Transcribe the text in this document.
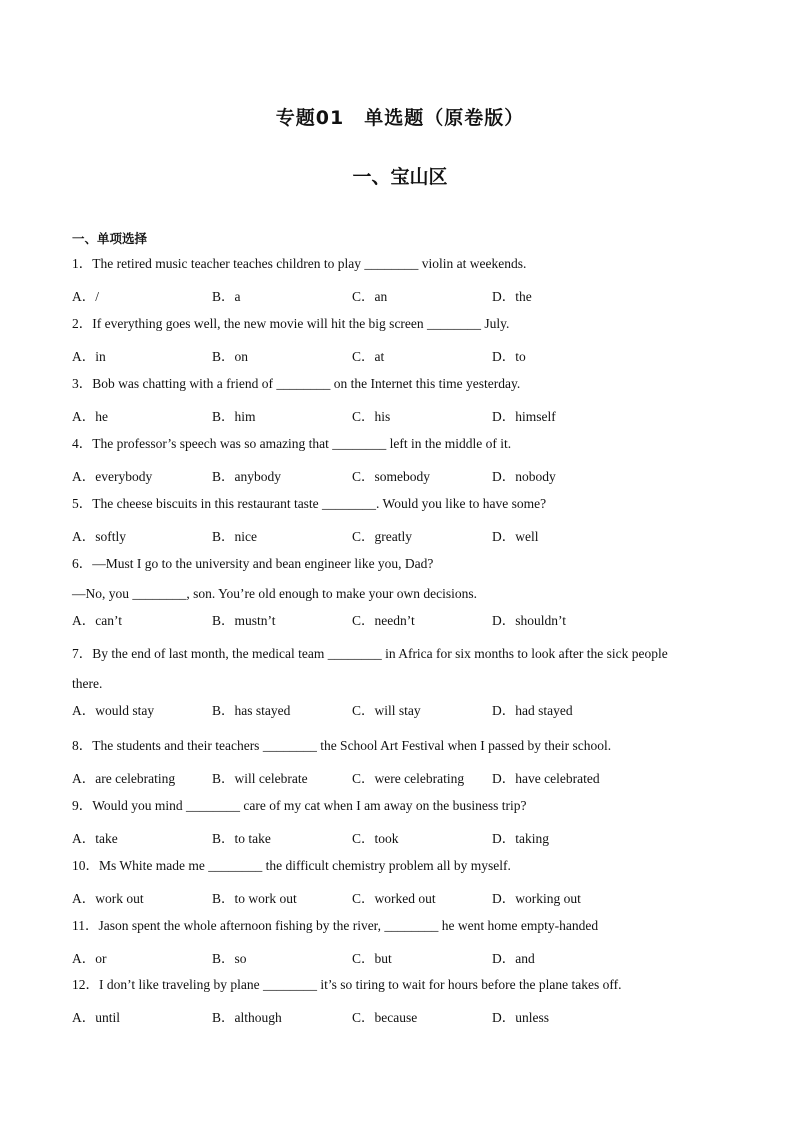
专题01　单选题（原卷版）
一、宝山区
一、单项选择
1．The retired music teacher teaches children to play ________ violin at weekends.
A．/	B．a	C．an	D．the
2．If everything goes well, the new movie will hit the big screen ________ July.
A．in	B．on	C．at	D．to
3．Bob was chatting with a friend of ________ on the Internet this time yesterday.
A．he	B．him	C．his	D．himself
4．The professor’s speech was so amazing that ________ left in the middle of it.
A．everybody	B．anybody	C．somebody	D．nobody
5．The cheese biscuits in this restaurant taste ________. Would you like to have some?
A．softly	B．nice	C．greatly	D．well
6．—Must I go to the university and bean engineer like you, Dad?
—No, you ________, son. You’re old enough to make your own decisions.
A．can’t	B．mustn’t	C．needn’t	D．shouldn’t
7．By the end of last month, the medical team ________ in Africa for six months to look after the sick people
there.
A．would stay	B．has stayed	C．will stay	D．had stayed
8．The students and their teachers ________ the School Art Festival when I passed by their school.
A．are celebrating	B．will celebrate	C．were celebrating D．have celebrated
9．Would you mind ________ care of my cat when I am away on the business trip?
A．take	B．to take	C．took	D．taking
10．Ms White made me ________ the difficult chemistry problem all by myself.
A．work out	B．to work out	C．worked out	D．working out
11．Jason spent the whole afternoon fishing by the river, ________ he went home empty-handed
A．or	B．so	C．but	D．and
12．I don’t like traveling by plane ________ it’s so tiring to wait for hours before the plane takes off.
A．until	B．although	C．because	D．unless
